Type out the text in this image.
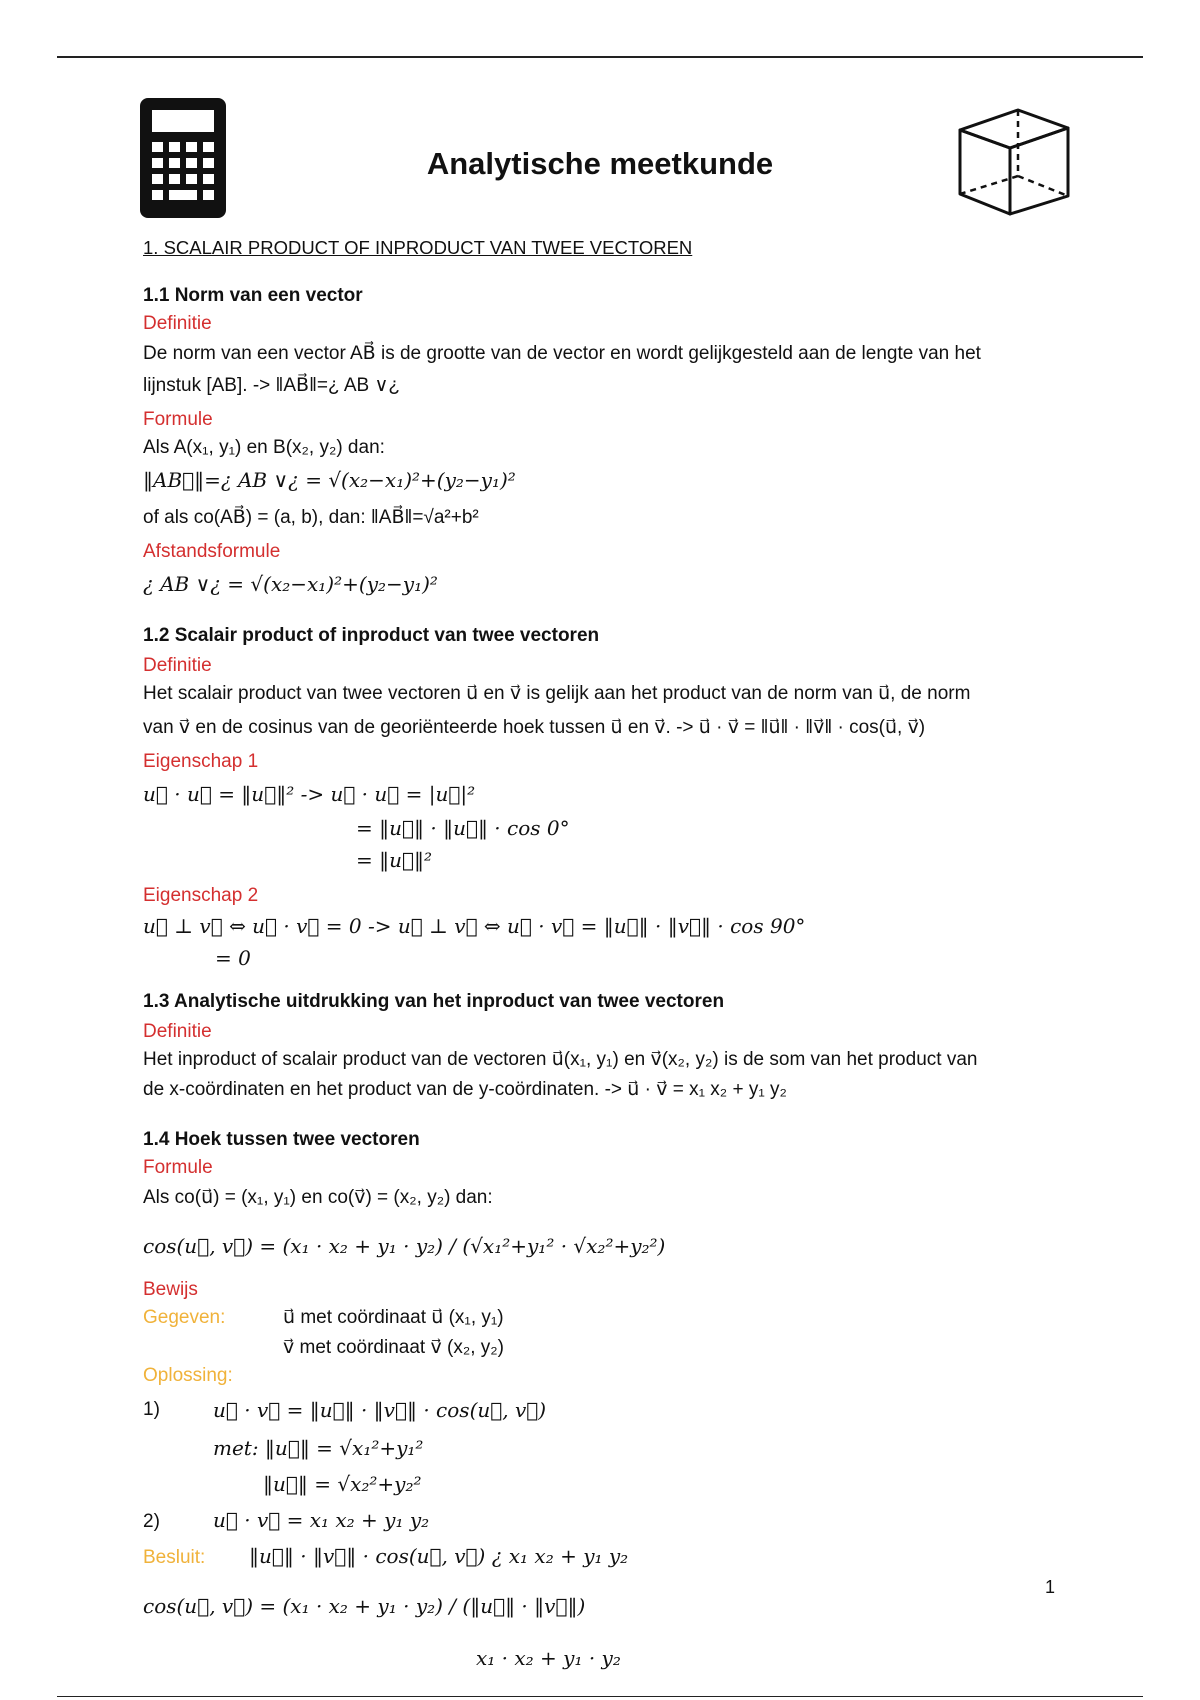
Analytische meetkunde
1. SCALAIR PRODUCT OF INPRODUCT VAN TWEE VECTOREN
1.1 Norm van een vector
Definitie
De norm van een vector AB⃗ is de grootte van de vector en wordt gelijkgesteld aan de lengte van het
lijnstuk [AB]. -> ‖AB⃗‖=¿ AB ∨¿
Formule
Als A(x₁, y₁) en B(x₂, y₂) dan:
‖AB⃗‖=¿ AB ∨¿ = √(x₂−x₁)²+(y₂−y₁)²
of als co(AB⃗) = (a, b), dan: ‖AB⃗‖=√a²+b²
Afstandsformule
¿ AB ∨¿ = √(x₂−x₁)²+(y₂−y₁)²
1.2 Scalair product of inproduct van twee vectoren
Definitie
Het scalair product van twee vectoren u⃗ en v⃗ is gelijk aan het product van de norm van u⃗, de norm
van v⃗ en de cosinus van de georiënteerde hoek tussen u⃗ en v⃗. -> u⃗ · v⃗ = ‖u⃗‖ · ‖v⃗‖ · cos(u⃗, v⃗)
Eigenschap 1
u⃗ · u⃗ = ‖u⃗‖² -> u⃗ · u⃗ = |u⃗|²
= ‖u⃗‖ · ‖u⃗‖ · cos 0°
= ‖u⃗‖²
Eigenschap 2
u⃗ ⊥ v⃗ ⇔ u⃗ · v⃗ = 0 -> u⃗ ⊥ v⃗ ⇔ u⃗ · v⃗ = ‖u⃗‖ · ‖v⃗‖ · cos 90°
= 0
1.3 Analytische uitdrukking van het inproduct van twee vectoren
Definitie
Het inproduct of scalair product van de vectoren u⃗(x₁, y₁) en v⃗(x₂, y₂) is de som van het product van
de x-coördinaten en het product van de y-coördinaten. -> u⃗ · v⃗ = x₁ x₂ + y₁ y₂
1.4 Hoek tussen twee vectoren
Formule
Als co(u⃗) = (x₁, y₁) en co(v⃗) = (x₂, y₂) dan:
cos(u⃗, v⃗) = (x₁ · x₂ + y₁ · y₂) / (√x₁²+y₁² · √x₂²+y₂²)
Bewijs
Gegeven:	u⃗ met coördinaat u⃗ (x₁, y₁)
v⃗ met coördinaat v⃗ (x₂, y₂)
Oplossing:
1)	u⃗ · v⃗ = ‖u⃗‖ · ‖v⃗‖ · cos(u⃗, v⃗)
met: ‖u⃗‖ = √x₁²+y₁²
‖u⃗‖ = √x₂²+y₂²
2)	u⃗ · v⃗ = x₁ x₂ + y₁ y₂
Besluit: ‖u⃗‖ · ‖v⃗‖ · cos(u⃗, v⃗) ¿ x₁ x₂ + y₁ y₂
cos(u⃗, v⃗) = (x₁ · x₂ + y₁ · y₂) / (‖u⃗‖ · ‖v⃗‖)
x₁ · x₂ + y₁ · y₂
1
